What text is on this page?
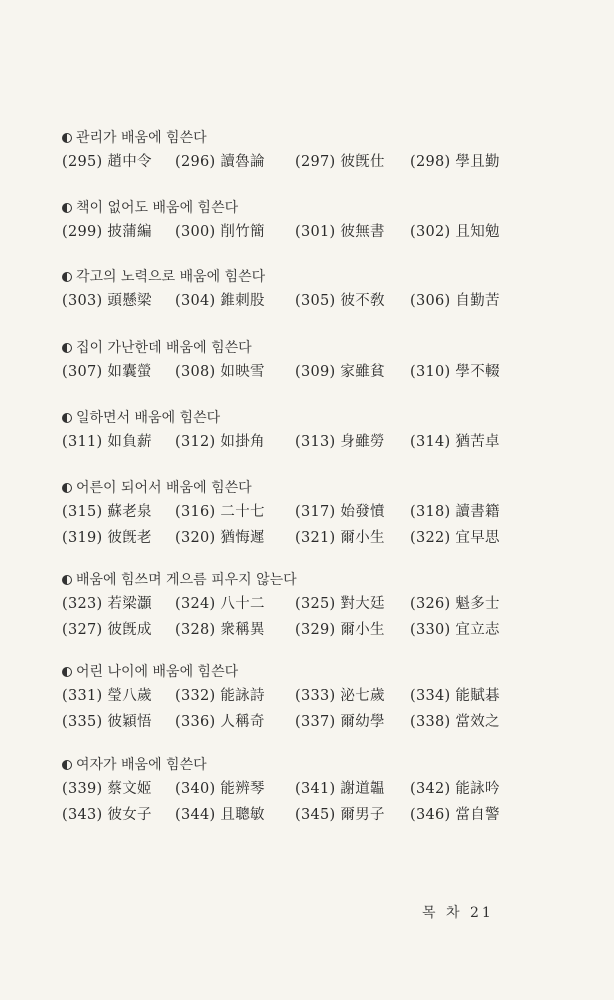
관리가 배움에 힘쓴다
(295) 趙中令 (296) 讀魯論 (297) 彼旣仕 (298) 學且勤
책이 없어도 배움에 힘쓴다
(299) 披蒲編 (300) 削竹簡 (301) 彼無書 (302) 且知勉
각고의 노력으로 배움에 힘쓴다
(303) 頭懸梁 (304) 錐刺股 (305) 彼不敎 (306) 自勤苦
집이 가난한데 배움에 힘쓴다
(307) 如囊螢 (308) 如映雪 (309) 家雖貧 (310) 學不輟
일하면서 배움에 힘쓴다
(311) 如負薪 (312) 如掛角 (313) 身雖勞 (314) 猶苦卓
어른이 되어서 배움에 힘쓴다
(315) 蘇老泉 (316) 二十七 (317) 始發憤 (318) 讀書籍
(319) 彼旣老 (320) 猶悔遲 (321) 爾小生 (322) 宜早思
배움에 힘쓰며 게으름 피우지 않는다
(323) 若梁灝 (324) 八十二 (325) 對大廷 (326) 魁多士
(327) 彼旣成 (328) 衆稱異 (329) 爾小生 (330) 宜立志
어린 나이에 배움에 힘쓴다
(331) 瑩八歲 (332) 能詠詩 (333) 泌七歲 (334) 能賦碁
(335) 彼穎悟 (336) 人稱奇 (337) 爾幼學 (338) 當效之
여자가 배움에 힘쓴다
(339) 蔡文姬 (340) 能辨琴 (341) 謝道韞 (342) 能詠吟
(343) 彼女子 (344) 且聰敏 (345) 爾男子 (346) 當自警
목 차 21
